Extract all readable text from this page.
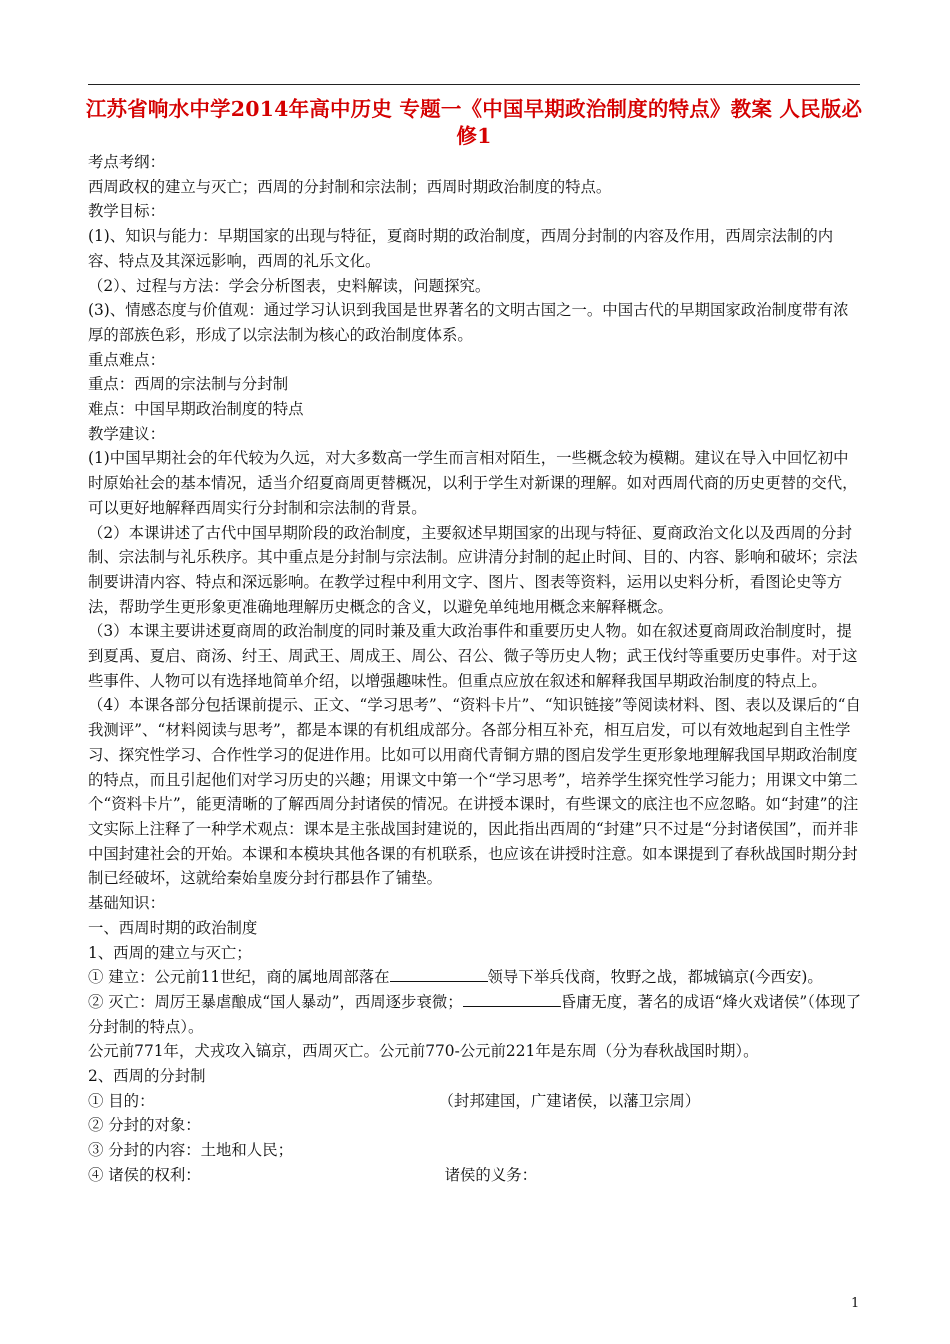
江苏省响水中学2014年高中历史 专题一《中国早期政治制度的特点》教案 人民版必修1
考点考纲：
西周政权的建立与灭亡；西周的分封制和宗法制；西周时期政治制度的特点。
教学目标：
(1)、知识与能力：早期国家的出现与特征，夏商时期的政治制度，西周分封制的内容及作用，西周宗法制的内容、特点及其深远影响，西周的礼乐文化。
（2）、过程与方法：学会分析图表，史料解读，问题探究。
(3)、情感态度与价值观：通过学习认识到我国是世界著名的文明古国之一。中国古代的早期国家政治制度带有浓厚的部族色彩，形成了以宗法制为核心的政治制度体系。
重点难点：
重点：西周的宗法制与分封制
难点：中国早期政治制度的特点
教学建议：
(1)中国早期社会的年代较为久远，对大多数高一学生而言相对陌生，一些概念较为模糊。建议在导入中回忆初中时原始社会的基本情况，适当介绍夏商周更替概况，以利于学生对新课的理解。如对西周代商的历史更替的交代，可以更好地解释西周实行分封制和宗法制的背景。
（2）本课讲述了古代中国早期阶段的政治制度，主要叙述早期国家的出现与特征、夏商政治文化以及西周的分封制、宗法制与礼乐秩序。其中重点是分封制与宗法制。应讲清分封制的起止时间、目的、内容、影响和破坏；宗法制要讲清内容、特点和深远影响。在教学过程中利用文字、图片、图表等资料，运用以史料分析，看图论史等方法，帮助学生更形象更准确地理解历史概念的含义，以避免单纯地用概念来解释概念。
（3）本课主要讲述夏商周的政治制度的同时兼及重大政治事件和重要历史人物。如在叙述夏商周政治制度时，提到夏禹、夏启、商汤、纣王、周武王、周成王、周公、召公、微子等历史人物；武王伐纣等重要历史事件。对于这些事件、人物可以有选择地简单介绍，以增强趣味性。但重点应放在叙述和解释我国早期政治制度的特点上。
（4）本课各部分包括课前提示、正文、“学习思考”、“资料卡片”、“知识链接”等阅读材料、图、表以及课后的“自我测评”、“材料阅读与思考”，都是本课的有机组成部分。各部分相互补充，相互启发，可以有效地起到自主性学习、探究性学习、合作性学习的促进作用。比如可以用商代青铜方鼎的图启发学生更形象地理解我国早期政治制度的特点，而且引起他们对学习历史的兴趣；用课文中第一个“学习思考”，培养学生探究性学习能力；用课文中第二个“资料卡片”，能更清晰的了解西周分封诸侯的情况。在讲授本课时，有些课文的底注也不应忽略。如“封建”的注文实际上注释了一种学术观点：课本是主张战国封建说的，因此指出西周的“封建”只不过是“分封诸侯国”，而并非中国封建社会的开始。本课和本模块其他各课的有机联系，也应该在讲授时注意。如本课提到了春秋战国时期分封制已经破坏，这就给秦始皇废分封行郡县作了铺垫。
基础知识：
一、西周时期的政治制度
1、西周的建立与灭亡；
① 建立：公元前11世纪，商的属地周部落在	领导下举兵伐商，牧野之战，都城镐京(今西安)。
② 灭亡：周厉王暴虐酿成“国人暴动”，西周逐步衰微；	昏庸无度，著名的成语“烽火戏诸侯”（体现了分封制的特点）。
公元前771年，犬戎攻入镐京，西周灭亡。公元前770-公元前221年是东周（分为春秋战国时期）。
2、西周的分封制
① 目的：	（封邦建国，广建诸侯，以藩卫宗周）
② 分封的对象：
③ 分封的内容：土地和人民；
④ 诸侯的权利：	诸侯的义务：
1
